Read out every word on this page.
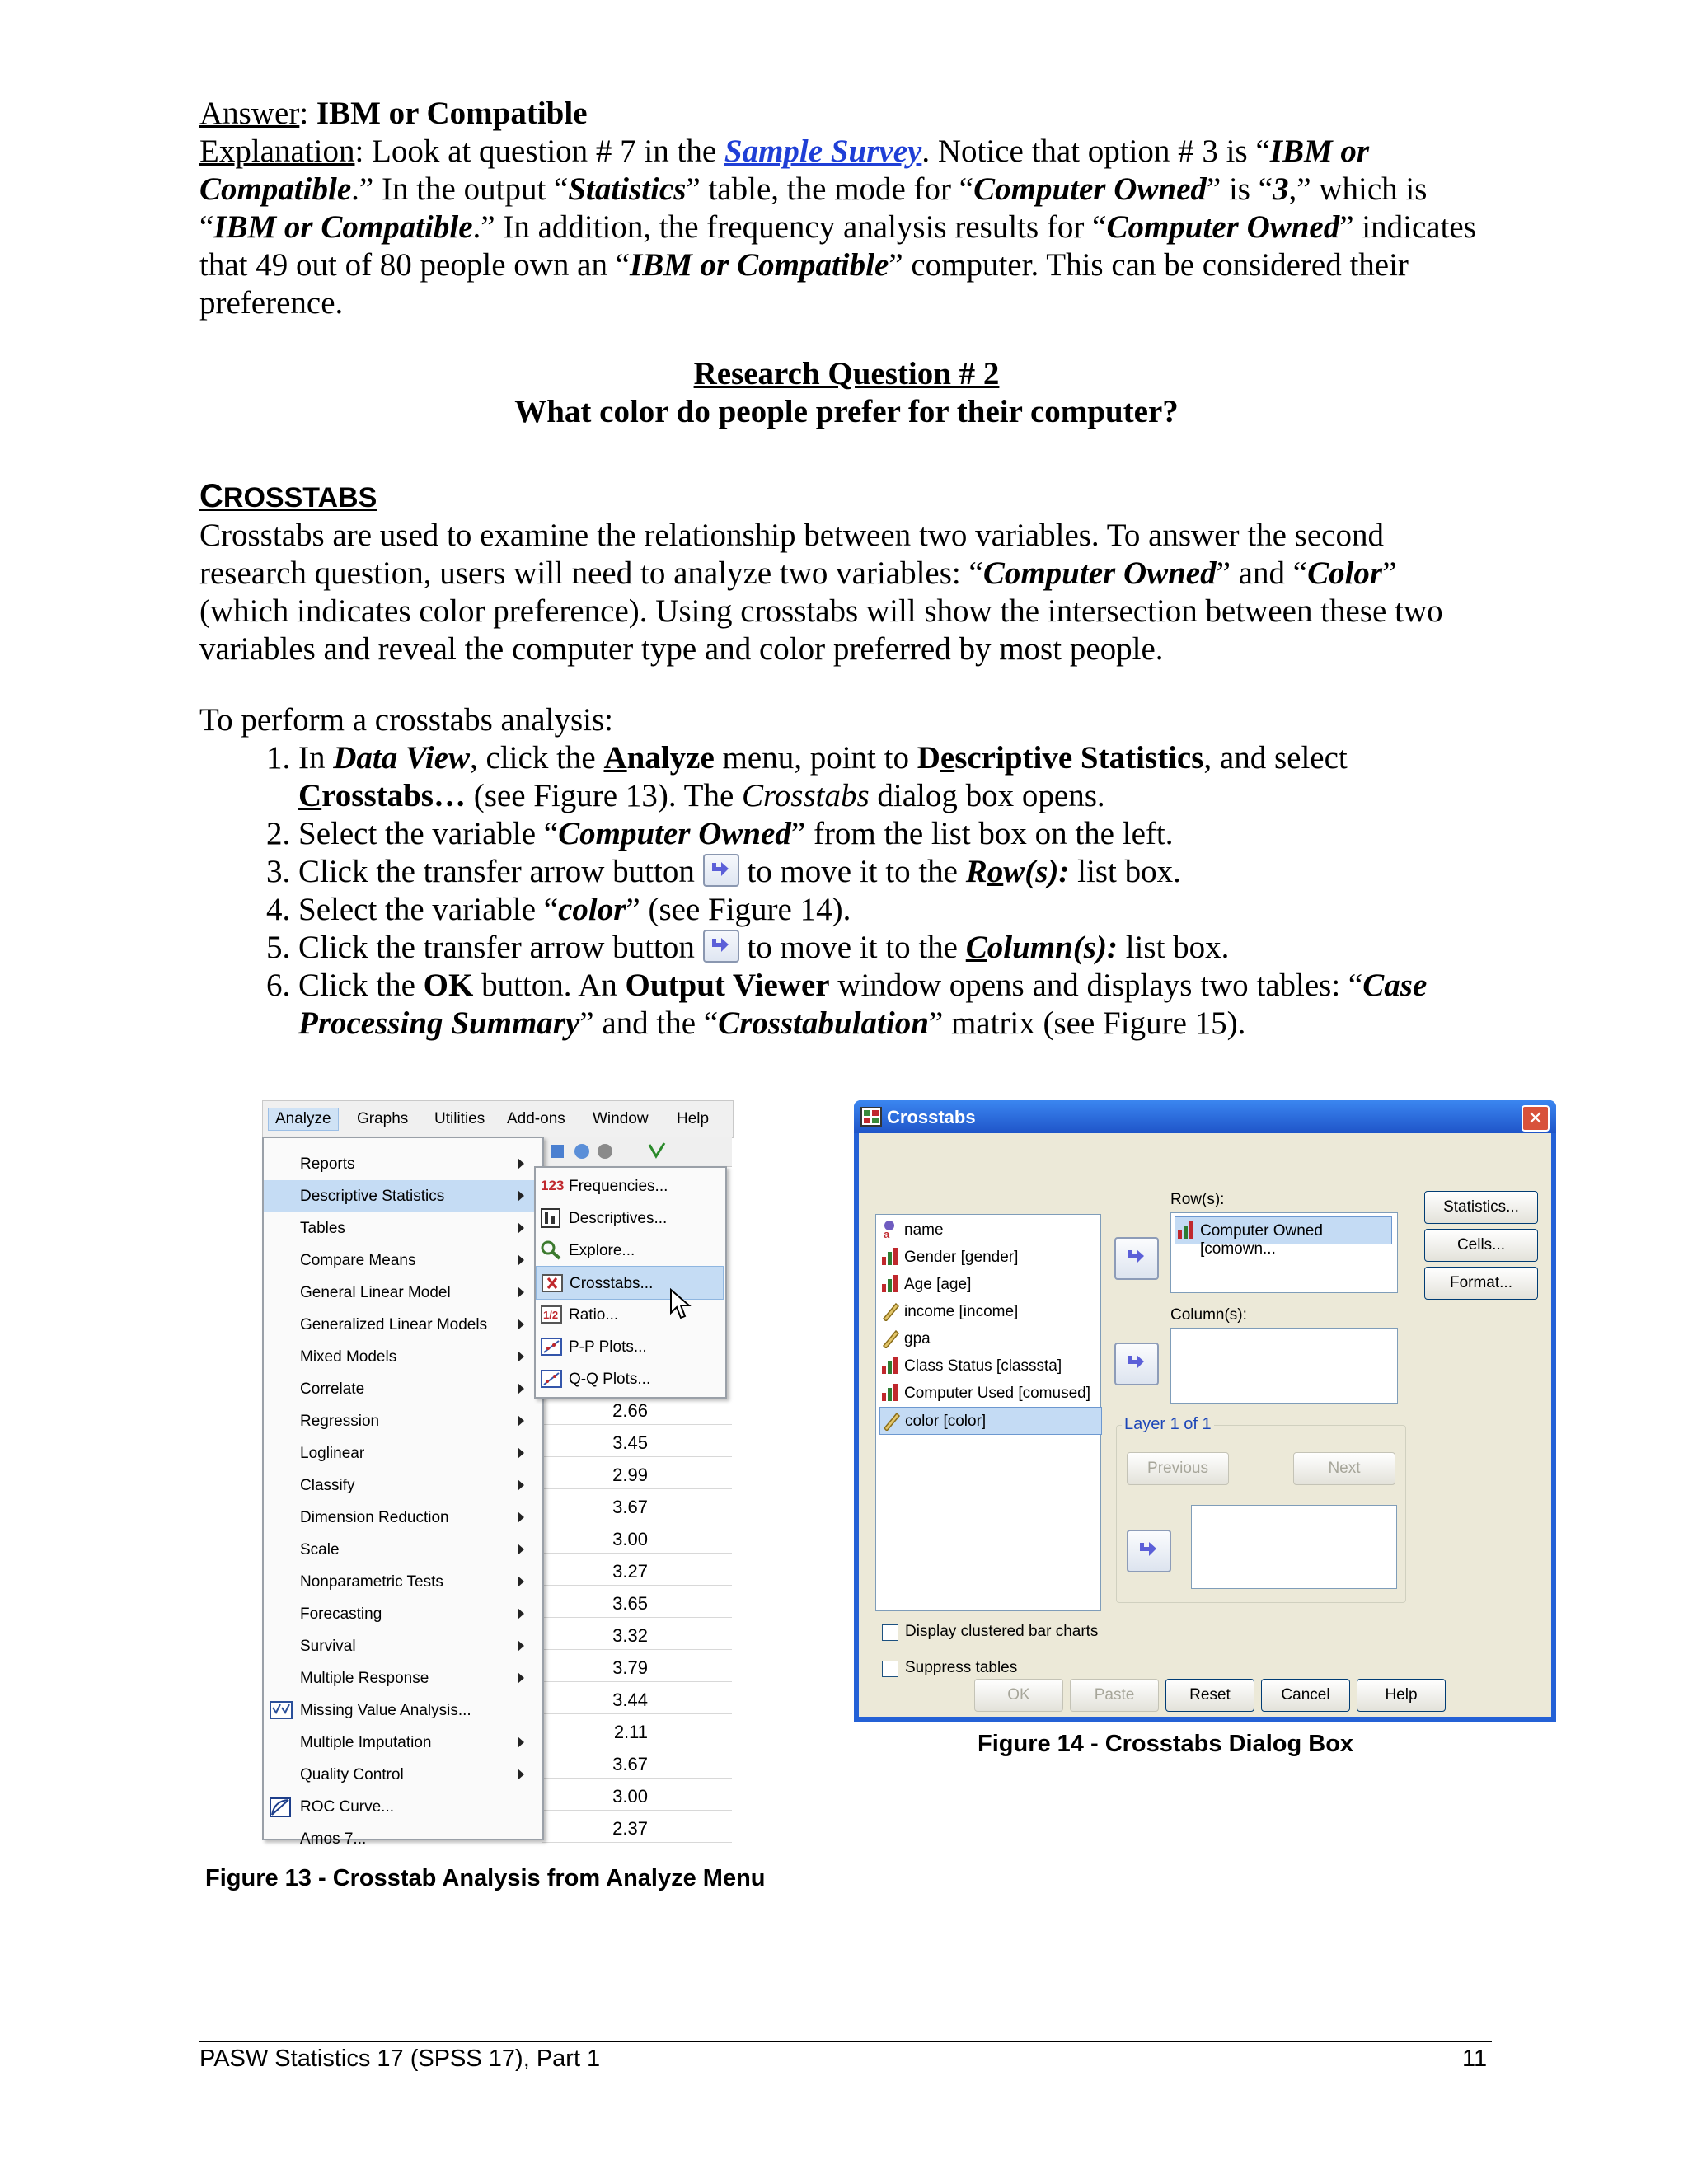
Answer: IBM or Compatible

Explanation: Look at question # 7 in the Sample Survey. Notice that option # 3 is “IBM or Compatible.” In the output “Statistics” table, the mode for “Computer Owned” is “3,” which is “IBM or Compatible.” In addition, the frequency analysis results for “Computer Owned” indicates that 49 out of 80 people own an “IBM or Compatible” computer. This can be considered their preference.

Research Question # 2

What color do people prefer for their computer?

CROSSTABS

Crosstabs are used to examine the relationship between two variables. To answer the second research question, users will need to analyze two variables: “Computer Owned” and “Color” (which indicates color preference). Using crosstabs will show the intersection between these two variables and reveal the computer type and color preferred by most people.

To perform a crosstabs analysis:

1. In Data View, click the Analyze menu, point to Descriptive Statistics, and select Crosstabs… (see Figure 13). The Crosstabs dialog box opens.
2. Select the variable “Computer Owned” from the list box on the left.
3. Click the transfer arrow button
to move it to the Row(s): list box.
4. Select the variable “color” (see Figure 14).
5. Click the transfer arrow button
to move it to the Column(s): list box.
6. Click the OK button. An Output Viewer window opens and displays two tables: “Case Processing Summary” and the “Crosstabulation” matrix (see Figure 15).
Analyze	Graphs Utilities Add-ons Window Help
2.66
3.45
2.99
3.67
3.00
3.27
3.65
3.32
3.79
3.44
2.11
3.67
3.00
2.37
Reports
Descriptive Statistics
Tables
Compare Means
General Linear Model
Generalized Linear Models
Mixed Models
Correlate
Regression
Loglinear
Classify
Dimension Reduction
Scale
Nonparametric Tests
Forecasting
Survival
Multiple Response
Missing Value Analysis...
Multiple Imputation
Quality Control
ROC Curve...
Amos 7...
123 Frequencies...
Descriptives...
Explore...
Crosstabs...
1/2 Ratio...
P-P Plots...
Q-Q Plots...
Figure 13 - Crosstab Analysis from Analyze Menu
Crosstabs	✕
a name
Gender [gender]
Age [age]
income [income]
gpa
Class Status [classsta]
Computer Used [comused]
color [color]
Row(s):
Computer Owned [comown...
Column(s):
Layer 1 of 1
Previous	Next
Statistics...
Cells...
Format...
Display clustered bar charts
Suppress tables
OK	Paste	Reset	Cancel	Help
Figure 14 - Crosstabs Dialog Box
PASW Statistics 17 (SPSS 17), Part 1	11
